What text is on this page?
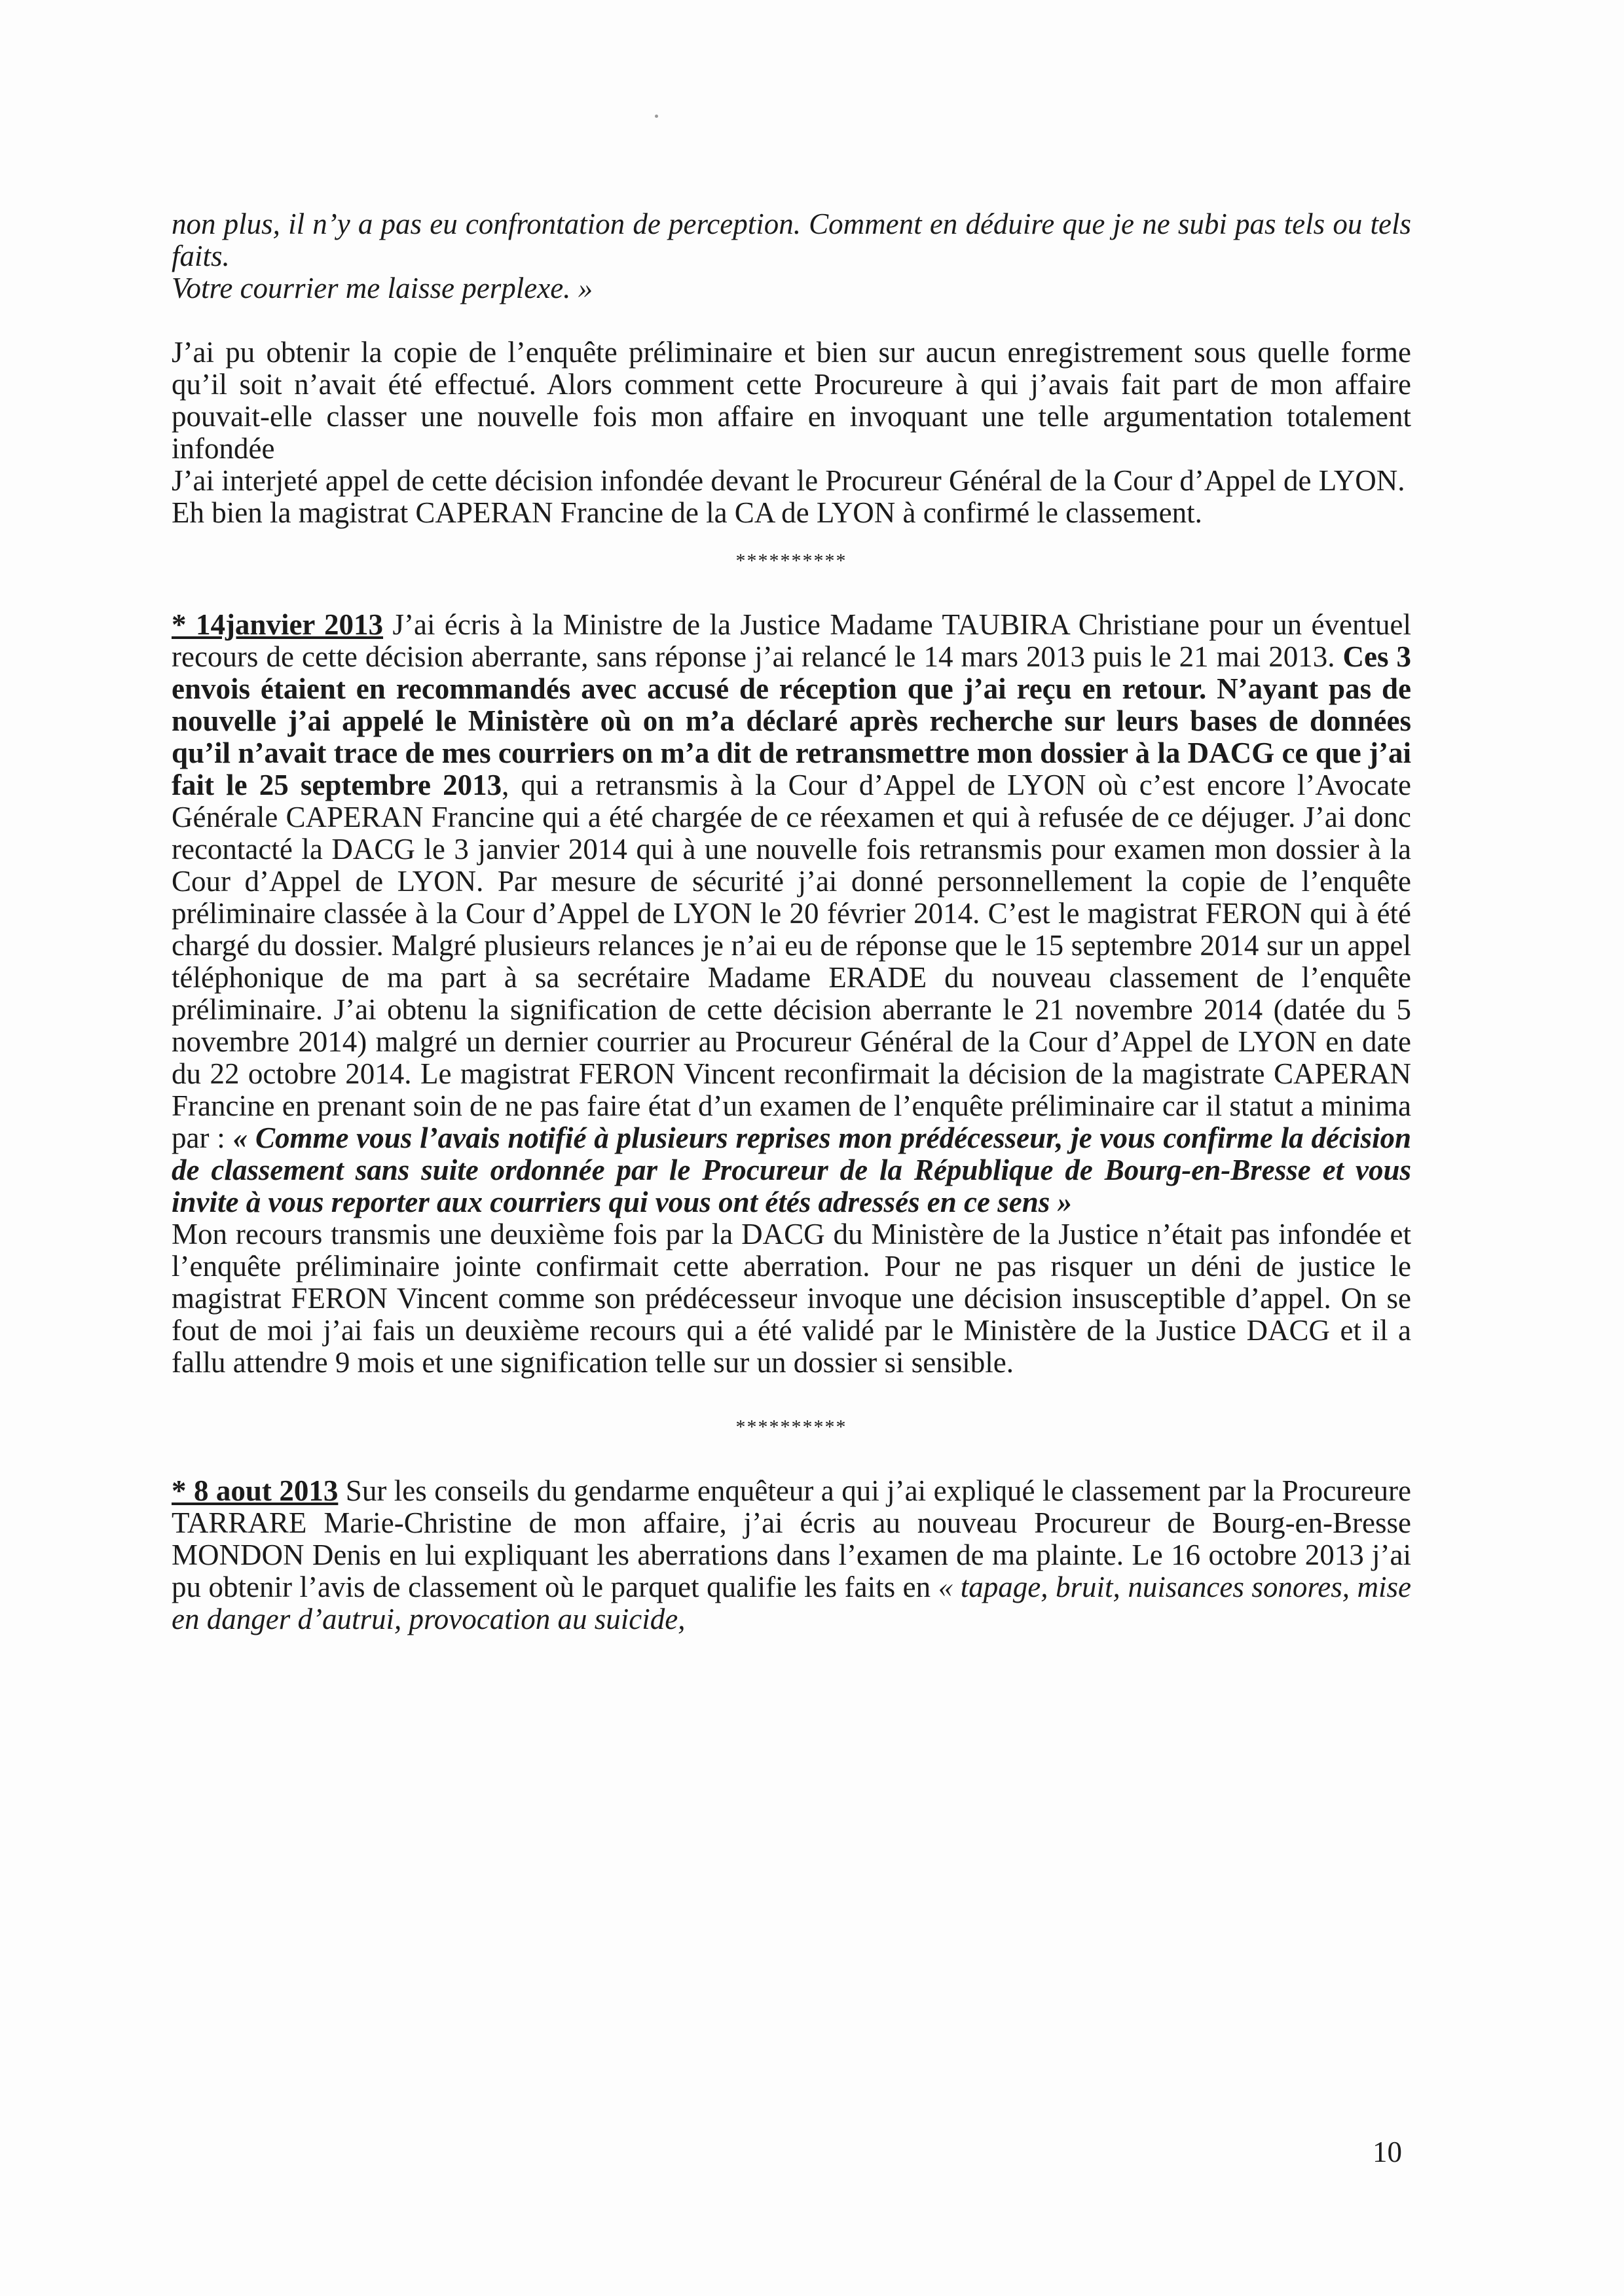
non plus, il n’y a pas eu confrontation de perception. Comment en déduire que je ne subi pas tels ou tels faits.

Votre courrier me laisse perplexe. »

J’ai pu obtenir la copie de l’enquête préliminaire et bien sur aucun enregistrement sous quelle forme qu’il soit n’avait été effectué. Alors comment cette Procureure à qui j’avais fait part de mon affaire pouvait-elle classer une nouvelle fois mon affaire en invoquant une telle argumentation totalement infondée

J’ai interjeté appel de cette décision infondée devant le Procureur Général de la Cour d’Appel de LYON.

Eh bien la magistrat CAPERAN Francine de la CA de LYON à confirmé le classement.

**********

* 14janvier 2013 J’ai écris à la Ministre de la Justice Madame TAUBIRA Christiane pour un éventuel recours de cette décision aberrante, sans réponse j’ai relancé le 14 mars 2013 puis le 21 mai 2013. Ces 3 envois étaient en recommandés avec accusé de réception que j’ai reçu en retour. N’ayant pas de nouvelle j’ai appelé le Ministère où on m’a déclaré après recherche sur leurs bases de données qu’il n’avait trace de mes courriers on m’a dit de retransmettre mon dossier à la DACG ce que j’ai fait le 25 septembre 2013, qui a retransmis à la Cour d’Appel de LYON où c’est encore l’Avocate Générale CAPERAN Francine qui a été chargée de ce réexamen et qui à refusée de ce déjuger. J’ai donc recontacté la DACG le 3 janvier 2014 qui à une nouvelle fois retransmis pour examen mon dossier à la Cour d’Appel de LYON. Par mesure de sécurité j’ai donné personnellement la copie de l’enquête préliminaire classée à la Cour d’Appel de LYON le 20 février 2014. C’est le magistrat FERON qui à été chargé du dossier. Malgré plusieurs relances je n’ai eu de réponse que le 15 septembre 2014 sur un appel téléphonique de ma part à sa secrétaire Madame ERADE du nouveau classement de l’enquête préliminaire. J’ai obtenu la signification de cette décision aberrante le 21 novembre 2014 (datée du 5 novembre 2014) malgré un dernier courrier au Procureur Général de la Cour d’Appel de LYON en date du 22 octobre 2014. Le magistrat FERON Vincent reconfirmait la décision de la magistrate CAPERAN Francine en prenant soin de ne pas faire état d’un examen de l’enquête préliminaire car il statut a minima par : « Comme vous l’avais notifié à plusieurs reprises mon prédécesseur, je vous confirme la décision de classement sans suite ordonnée par le Procureur de la République de Bourg-en-Bresse et vous invite à vous reporter aux courriers qui vous ont étés adressés en ce sens »

Mon recours transmis une deuxième fois par la DACG du Ministère de la Justice n’était pas infondée et l’enquête préliminaire jointe confirmait cette aberration. Pour ne pas risquer un déni de justice le magistrat FERON Vincent comme son prédécesseur invoque une décision insusceptible d’appel. On se fout de moi j’ai fais un deuxième recours qui a été validé par le Ministère de la Justice DACG et il a fallu attendre 9 mois et une signification telle sur un dossier si sensible.

**********

* 8 aout 2013 Sur les conseils du gendarme enquêteur a qui j’ai expliqué le classement par la Procureure TARRARE Marie-Christine de mon affaire, j’ai écris au nouveau Procureur de Bourg-en-Bresse MONDON Denis en lui expliquant les aberrations dans l’examen de ma plainte. Le 16 octobre 2013 j’ai pu obtenir l’avis de classement où le parquet qualifie les faits en « tapage, bruit, nuisances sonores, mise en danger d’autrui, provocation au suicide,

10
